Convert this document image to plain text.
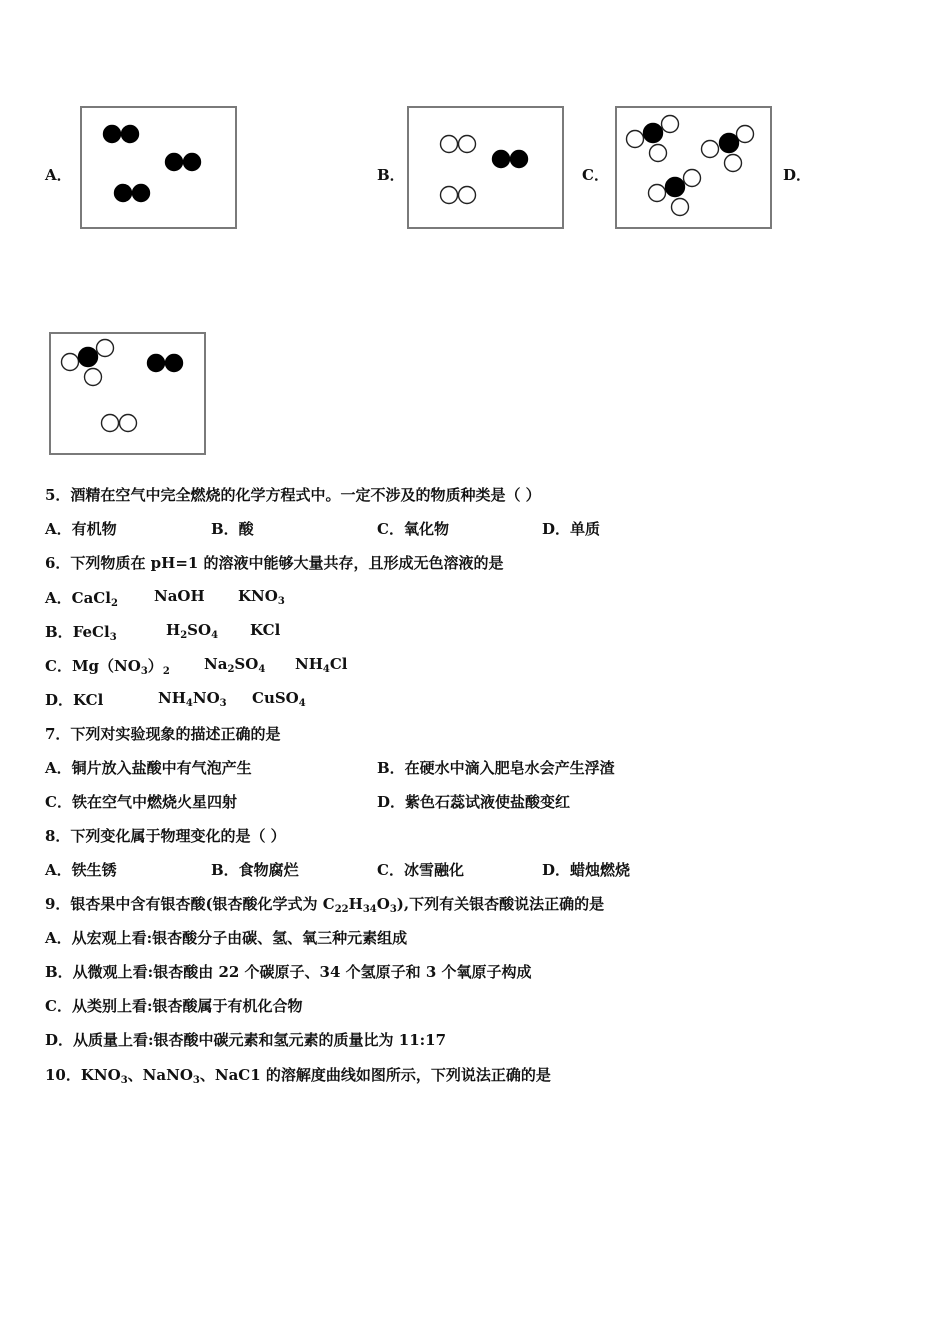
A．	B．	C．	D．
5．酒精在空气中完全燃烧的化学方程式中。一定不涉及的物质种类是（ ）
A．有机物	B．酸	C．氧化物	D．单质
6．下列物质在 pH=1 的溶液中能够大量共存，且形成无色溶液的是
A．CaCl$_2$ NaOH $KNO_3$
B．FeCl$_3$	$H_2SO_4$ KCl
C．$Mg(NO_3)_2$ $Na_2SO_4$ $NH_4Cl$
D．KCl	$NH_4NO_3$ CuSO$_4$
7．下列对实验现象的描述正确的是
A．铜片放入盐酸中有气泡产生	B．在硬水中滴入肥皂水会产生浮渣
C．铁在空气中燃烧火星四射	D．紫色石蕊试液使盐酸变红
8．下列变化属于物理变化的是（ ）
A．铁生锈	B．食物腐烂	C．冰雪融化	D．蜡烛燃烧
9．银杏果中含有银杏酸(银杏酸化学式为 $C_{22}H_{34}O_3$),下列有关银杏酸说法正确的是
A．从宏观上看:银杏酸分子由碳、氢、氧三种元素组成
B．从微观上看:银杏酸由 22 个碳原子、34 个氢原子和 3 个氧原子构成
C．从类别上看:银杏酸属于有机化合物
D．从质量上看:银杏酸中碳元素和氢元素的质量比为 11:17
10．$KNO_3$、NaNO$_3$、NaC1 的溶解度曲线如图所示，下列说法正确的是
